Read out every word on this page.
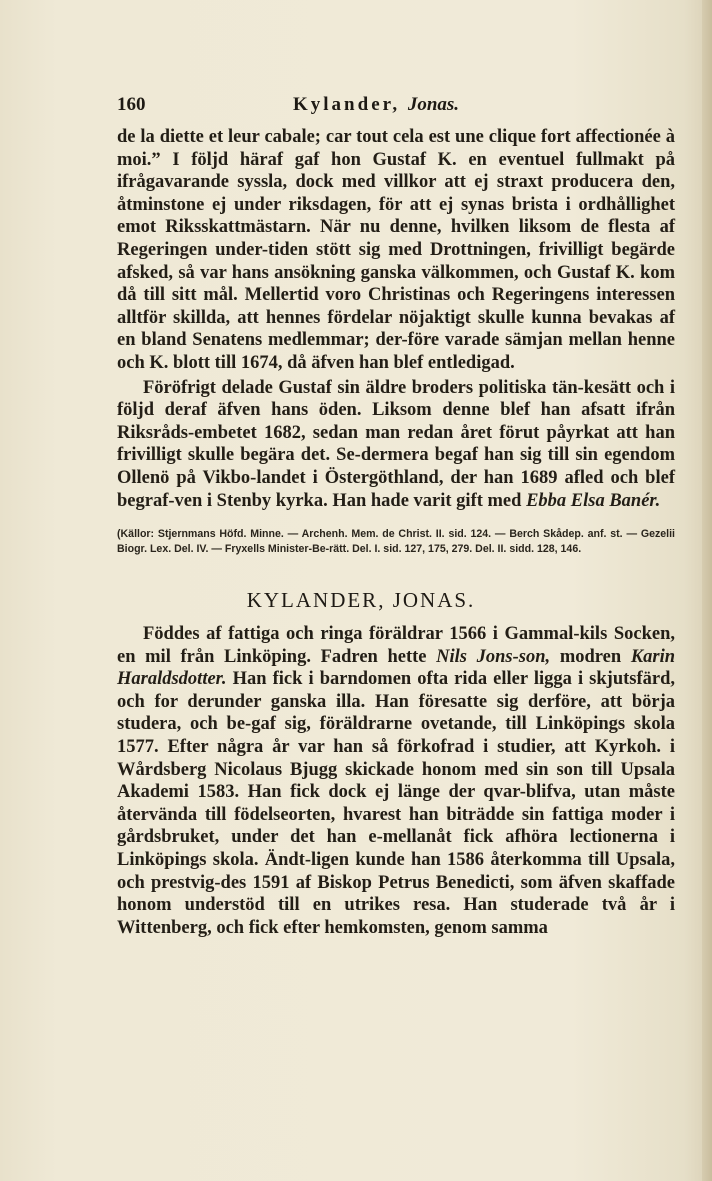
160	Kylander, Jonas.

de la diette et leur cabale; car tout cela est une clique fort affectionée à moi.” I följd häraf gaf hon Gustaf K. en eventuel fullmakt på ifrågavarande syssla, dock med villkor att ej straxt producera den, åtminstone ej under riksdagen, för att ej synas brista i ordhållighet emot Riksskattmästarn. När nu denne, hvilken liksom de flesta af Regeringen under-tiden stött sig med Drottningen, frivilligt begärde afsked, så var hans ansökning ganska välkommen, och Gustaf K. kom då till sitt mål. Mellertid voro Christinas och Regeringens interessen alltför skillda, att hennes fördelar nöjaktigt skulle kunna bevakas af en bland Senatens medlemmar; der-före varade sämjan mellan henne och K. blott till 1674, då äfven han blef entledigad.

Föröfrigt delade Gustaf sin äldre broders politiska tän-kesätt och i följd deraf äfven hans öden. Liksom denne blef han afsatt ifrån Riksråds-embetet 1682, sedan man redan året förut påyrkat att han frivilligt skulle begära det. Se-dermera begaf han sig till sin egendom Ollenö på Vikbo-landet i Östergöthland, der han 1689 afled och blef begraf-ven i Stenby kyrka. Han hade varit gift med Ebba Elsa Banér.

(Källor: Stjernmans Höfd. Minne. — Archenh. Mem. de Christ. II. sid. 124. — Berch Skådep. anf. st. — Gezelii Biogr. Lex. Del. IV. — Fryxells Minister-Be-rätt. Del. I. sid. 127, 175, 279. Del. II. sidd. 128, 146.
KYLANDER, JONAS.

Föddes af fattiga och ringa föräldrar 1566 i Gammal-kils Socken, en mil från Linköping. Fadren hette Nils Jons-son, modren Karin Haraldsdotter. Han fick i barndomen ofta rida eller ligga i skjutsfärd, och for derunder ganska illa. Han föresatte sig derföre, att börja studera, och be-gaf sig, föräldrarne ovetande, till Linköpings skola 1577. Efter några år var han så förkofrad i studier, att Kyrkoh. i Wårdsberg Nicolaus Bjugg skickade honom med sin son till Upsala Akademi 1583. Han fick dock ej länge der qvar-blifva, utan måste återvända till födelseorten, hvarest han biträdde sin fattiga moder i gårdsbruket, under det han e-mellanåt fick afhöra lectionerna i Linköpings skola. Ändt-ligen kunde han 1586 återkomma till Upsala, och prestvig-des 1591 af Biskop Petrus Benedicti, som äfven skaffade honom understöd till en utrikes resa. Han studerade två år i Wittenberg, och fick efter hemkomsten, genom samma
